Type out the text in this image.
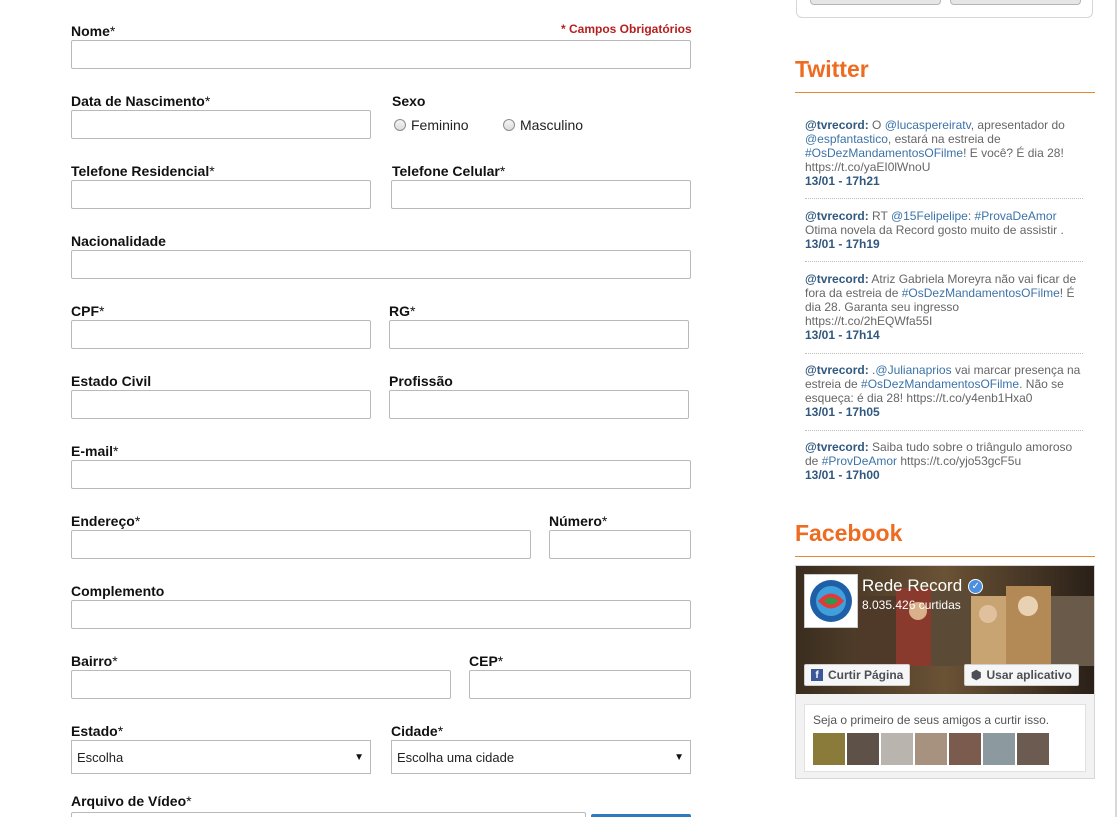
* Campos Obrigatórios
Nome*
Data de Nascimento*	Sexo
Feminino	Masculino
Telefone Residencial*	Telefone Celular*
Nacionalidade
CPF*	RG*
Estado Civil	Profissão
E-mail*
Endereço*	Número*
Complemento
Bairro*	CEP*
Estado*
Escolha	▼
Cidade*
Escolha uma cidade	▼
Arquivo de Vídeo*
Twitter
@tvrecord: O @lucaspereiratv, apresentador do @espfantastico, estará na estreia de #OsDezMandamentosOFilme! E você? É dia 28! https://t.co/yaEI0lWnoU
13/01 - 17h21
@tvrecord: RT @15Felipelipe: #ProvaDeAmor Otima novela da Record gosto muito de assistir .
13/01 - 17h19
@tvrecord: Atriz Gabriela Moreyra não vai ficar de fora da estreia de #OsDezMandamentosOFilme! É dia 28. Garanta seu ingresso https://t.co/2hEQWfa55I
13/01 - 17h14
@tvrecord: .@Julianaprios vai marcar presença na estreia de #OsDezMandamentosOFilme. Não se esqueça: é dia 28! https://t.co/y4enb1Hxa0
13/01 - 17h05
@tvrecord: Saiba tudo sobre o triângulo amoroso de #ProvDeAmor https://t.co/yjo53gcF5u
13/01 - 17h00
Facebook
Rede Record ✓
8.035.426 curtidas
f Curtir Página	⬢ Usar aplicativo
Seja o primeiro de seus amigos a curtir isso.
